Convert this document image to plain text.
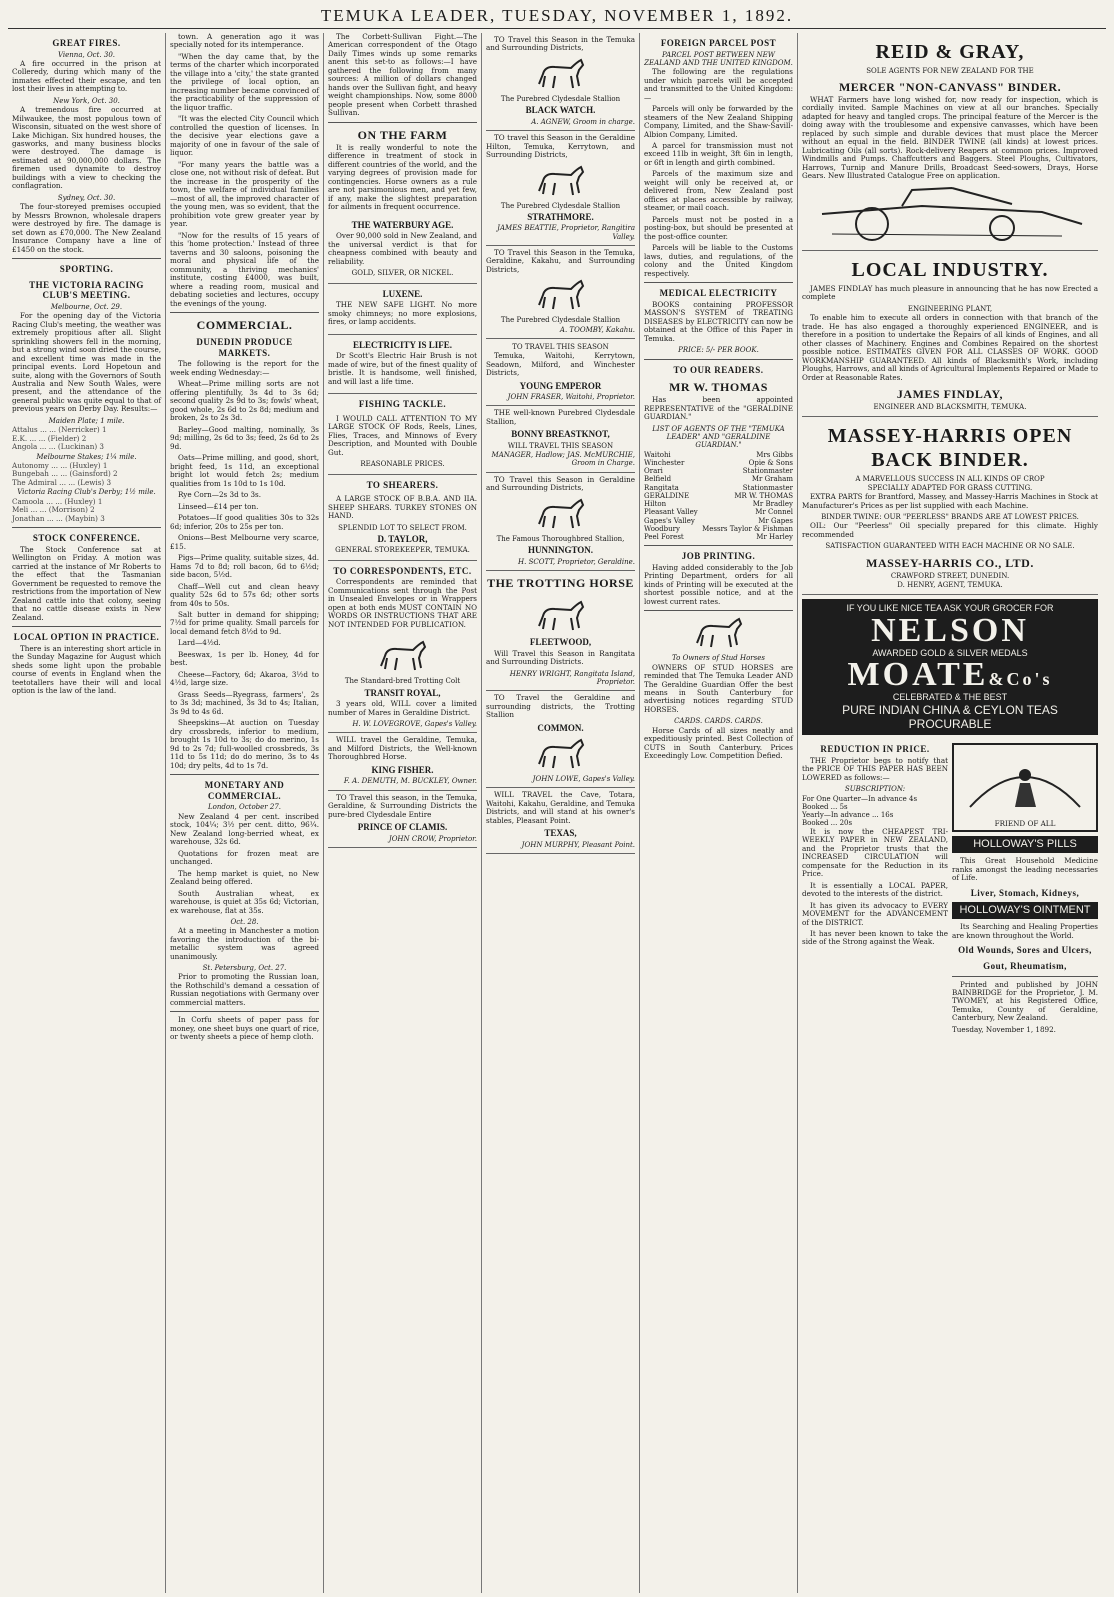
TEMUKA LEADER, TUESDAY, NOVEMBER 1, 1892.
GREAT FIRES.
Vienna, Oct. 30.

A fire occurred in the prison at Colleredy, during which many of the inmates effected their escape, and ten lost their lives in attempting to.

New York, Oct. 30.

A tremendous fire occurred at Milwaukee, the most populous town of Wisconsin, situated on the west shore of Lake Michigan. Six hundred houses, the gasworks, and many business blocks were destroyed. The damage is estimated at 90,000,000 dollars. The firemen used dynamite to destroy buildings with a view to checking the conflagration.

Sydney, Oct. 30.

The four-storeyed premises occupied by Messrs Brownon, wholesale drapers were destroyed by fire. The damage is set down as £70,000. The New Zealand Insurance Company have a line of £1450 on the stock.

SPORTING.
THE VICTORIA RACING CLUB'S MEETING.
Melbourne, Oct. 29.

For the opening day of the Victoria Racing Club's meeting, the weather was extremely propitious after all. Slight sprinkling showers fell in the morning, but a strong wind soon dried the course, and excellent time was made in the principal events. Lord Hopetoun and suite, along with the Governors of South Australia and New South Wales, were present, and the attendance of the general public was quite equal to that of previous years on Derby Day. Results:—

Maiden Plate; 1 mile.
Attalus ... ... (Nerricker) 1
E.K. ... ... (Fielder) 2
Angola ... ... (Luckinan) 3
Melbourne Stakes; 1¼ mile.
Autonomy ... ... (Huxley) 1
Bungebah ... ... (Gainsford) 2
The Admiral ... ... (Lewis) 3
Victoria Racing Club's Derby; 1½ mile.
Camoola ... ... (Huxley) 1
Meli ... ... (Morrison) 2
Jonathan ... ... (Maybin) 3
STOCK CONFERENCE.

The Stock Conference sat at Wellington on Friday. A motion was carried at the instance of Mr Roberts to the effect that the Tasmanian Government be requested to remove the restrictions from the importation of New Zealand cattle into that colony, seeing that no cattle disease exists in New Zealand.

LOCAL OPTION IN PRACTICE.

There is an interesting short article in the Sunday Magazine for August which sheds some light upon the probable course of events in England when the teetotallers have their will and local option is the law of the land.

town. A generation ago it was specially noted for its intemperance.

"When the day came that, by the terms of the charter which incorporated the village into a 'city,' the state granted the privilege of local option, an increasing number became convinced of the practicability of the suppression of the liquor traffic.

"It was the elected City Council which controlled the question of licenses. In the decisive year elections gave a majority of one in favour of the sale of liquor.

"For many years the battle was a close one, not without risk of defeat. But the increase in the prosperity of the town, the welfare of individual families—most of all, the improved character of the young men, was so evident, that the prohibition vote grew greater year by year.

"Now for the results of 15 years of this 'home protection.' Instead of three taverns and 30 saloons, poisoning the moral and physical life of the community, a thriving mechanics' institute, costing £4000, was built, where a reading room, musical and debating societies and lectures, occupy the evenings of the young.

COMMERCIAL.
DUNEDIN PRODUCE MARKETS.

The following is the report for the week ending Wednesday:—

Wheat—Prime milling sorts are not offering plentifully, 3s 4d to 3s 6d; second quality 2s 9d to 3s; fowls' wheat, good whole, 2s 6d to 2s 8d; medium and broken, 2s to 2s 3d.

Barley—Good malting, nominally, 3s 9d; milling, 2s 6d to 3s; feed, 2s 6d to 2s 9d.

Oats—Prime milling, and good, short, bright feed, 1s 11d, an exceptional bright lot would fetch 2s; medium qualities from 1s 10d to 1s 10d.

Rye Corn—2s 3d to 3s.

Linseed—£14 per ton.

Potatoes—If good qualities 30s to 32s 6d; inferior, 20s to 25s per ton.

Onions—Best Melbourne very scarce, £15.

Pigs—Prime quality, suitable sizes, 4d. Hams 7d to 8d; roll bacon, 6d to 6½d; side bacon, 5½d.

Chaff—Well cut and clean heavy quality 52s 6d to 57s 6d; other sorts from 40s to 50s.

Salt butter in demand for shipping; 7½d for prime quality. Small parcels for local demand fetch 8½d to 9d.

Lard—4½d.

Beeswax, 1s per lb. Honey, 4d for best.

Cheese—Factory, 6d; Akaroa, 3½d to 4½d, large size.

Grass Seeds—Ryegrass, farmers', 2s to 3s 3d; machined, 3s 3d to 4s; Italian, 3s 9d to 4s 6d.

Sheepskins—At auction on Tuesday dry crossbreds, inferior to medium, brought 1s 10d to 3s; do do merino, 1s 9d to 2s 7d; full-woolled crossbreds, 3s 11d to 5s 11d; do do merino, 3s to 4s 10d; dry pelts, 4d to 1s 7d.

MONETARY AND COMMERCIAL.
London, October 27.

New Zealand 4 per cent. inscribed stock, 104¼; 3½ per cent. ditto, 96¼. New Zealand long-berried wheat, ex warehouse, 32s 6d.

Quotations for frozen meat are unchanged.

The hemp market is quiet, no New Zealand being offered.

South Australian wheat, ex warehouse, is quiet at 35s 6d; Victorian, ex warehouse, flat at 35s.

Oct. 28.

At a meeting in Manchester a motion favoring the introduction of the bi-metallic system was agreed unanimously.

St. Petersburg, Oct. 27.

Prior to promoting the Russian loan, the Rothschild's demand a cessation of Russian negotiations with Germany over commercial matters.

In Corfu sheets of paper pass for money, one sheet buys one quart of rice, or twenty sheets a piece of hemp cloth.

The Corbett-Sullivan Fight.—The American correspondent of the Otago Daily Times winds up some remarks anent this set-to as follows:—I have gathered the following from many sources: A million of dollars changed hands over the Sullivan fight, and heavy weight championships. Now, some 8000 people present when Corbett thrashed Sullivan.

ON THE FARM

It is really wonderful to note the difference in treatment of stock in different countries of the world, and the varying degrees of provision made for contingencies. Horse owners as a rule are not parsimonious men, and yet few, if any, make the slightest preparation for ailments in frequent occurrence.

THE WATERBURY AGE.

Over 90,000 sold in New Zealand, and the universal verdict is that for cheapness combined with beauty and reliability.

GOLD, SILVER, OR NICKEL.
LUXENE.

THE NEW SAFE LIGHT. No more smoky chimneys; no more explosions, fires, or lamp accidents.

ELECTRICITY IS LIFE.

Dr Scott's Electric Hair Brush is not made of wire, but of the finest quality of bristle. It is handsome, well finished, and will last a life time.

FISHING TACKLE.

I WOULD CALL ATTENTION TO MY LARGE STOCK OF Rods, Reels, Lines, Flies, Traces, and Minnows of Every Description, and Mounted with Double Gut.

REASONABLE PRICES.
TO SHEARERS.

A LARGE STOCK OF B.B.A. AND IIA. SHEEP SHEARS. TURKEY STONES ON HAND.

SPLENDID LOT TO SELECT FROM.
D. TAYLOR,
GENERAL STOREKEEPER, TEMUKA.
TO CORRESPONDENTS, ETC.

Correspondents are reminded that Communications sent through the Post in Unsealed Envelopes or in Wrappers open at both ends MUST CONTAIN NO WORDS OR INSTRUCTIONS THAT ARE NOT INTENDED FOR PUBLICATION.

The Standard-bred Trotting Colt
TRANSIT ROYAL,

3 years old, WILL cover a limited number of Mares in Geraldine District.

H. W. LOVEGROVE, Gapes's Valley.

WILL travel the Geraldine, Temuka, and Milford Districts, the Well-known Thoroughbred Horse.

KING FISHER.
F. A. DEMUTH, M. BUCKLEY, Owner.

TO Travel this season, in the Temuka, Geraldine, & Surrounding Districts the pure-bred Clydesdale Entire

PRINCE OF CLAMIS.
JOHN CROW, Proprietor.

TO Travel this Season in the Temuka and Surrounding Districts,

The Purebred Clydesdale Stallion
BLACK WATCH.
A. AGNEW, Groom in charge.

TO travel this Season in the Geraldine Hilton, Temuka, Kerrytown, and Surrounding Districts,

The Purebred Clydesdale Stallion
STRATHMORE.
JAMES BEATTIE, Proprietor, Rangitira Valley.

TO Travel this Season in the Temuka, Geraldine, Kakahu, and Surrounding Districts,

The Purebred Clydesdale Stallion
A. TOOMBY, Kakahu.
TO TRAVEL THIS SEASON

Temuka, Waitohi, Kerrytown, Seadown, Milford, and Winchester Districts,

YOUNG EMPEROR
JOHN FRASER, Waitohi, Proprietor.

THE well-known Purebred Clydesdale Stallion,

BONNY BREASTKNOT,
WILL TRAVEL THIS SEASON
MANAGER, Hadlow; JAS. McMURCHIE, Groom in Charge.

TO Travel this Season in Geraldine and Surrounding Districts,

The Famous Thoroughbred Stallion,
HUNNINGTON.
H. SCOTT, Proprietor, Geraldine.
THE TROTTING HORSE
FLEETWOOD,

Will Travel this Season in Rangitata and Surrounding Districts.

HENRY WRIGHT, Rangitata Island, Proprietor.

TO Travel the Geraldine and surrounding districts, the Trotting Stallion

COMMON.
JOHN LOWE, Gapes's Valley.

WILL TRAVEL the Cave, Totara, Waitohi, Kakahu, Geraldine, and Temuka Districts, and will stand at his owner's stables, Pleasant Point.

TEXAS,
JOHN MURPHY, Pleasant Point.
FOREIGN PARCEL POST
PARCEL POST BETWEEN NEW ZEALAND AND THE UNITED KINGDOM.

The following are the regulations under which parcels will be accepted and transmitted to the United Kingdom:—

Parcels will only be forwarded by the steamers of the New Zealand Shipping Company, Limited, and the Shaw-Savill-Albion Company, Limited.

A parcel for transmission must not exceed 11lb in weight, 3ft 6in in length, or 6ft in length and girth combined.

Parcels of the maximum size and weight will only be received at, or delivered from, New Zealand post offices at places accessible by railway, steamer, or mail coach.

Parcels must not be posted in a posting-box, but should be presented at the post-office counter.

Parcels will be liable to the Customs laws, duties, and regulations, of the colony and the United Kingdom respectively.

MEDICAL ELECTRICITY

BOOKS containing PROFESSOR MASSON'S SYSTEM of TREATING DISEASES by ELECTRICITY can now be obtained at the Office of this Paper in Temuka.

PRICE: 5/- PER BOOK.
TO OUR READERS.
MR W. THOMAS

Has been appointed REPRESENTATIVE of the "GERALDINE GUARDIAN."

LIST OF AGENTS OF THE "TEMUKA LEADER" AND "GERALDINE GUARDIAN."
Waitohi	Mrs Gibbs
Winchester	Opie & Sons
Orari	Stationmaster
Belfield	Mr Graham
Rangitata	Stationmaster
GERALDINE	MR W. THOMAS
Hilton	Mr Bradley
Pleasant Valley	Mr Connel
Gapes's Valley	Mr Gapes
Woodbury	Messrs Taylor & Fishman
Peel Forest	Mr Harley
JOB PRINTING.

Having added considerably to the Job Printing Department, orders for all kinds of Printing will be executed at the shortest possible notice, and at the lowest current rates.

To Owners of Stud Horses

OWNERS OF STUD HORSES are reminded that The Temuka Leader AND The Geraldine Guardian Offer the best means in South Canterbury for advertising notices regarding STUD HORSES.

CARDS. CARDS. CARDS.

Horse Cards of all sizes neatly and expeditiously printed. Best Collection of CUTS in South Canterbury. Prices Exceedingly Low. Competition Defied.

REID & GRAY,
SOLE AGENTS FOR NEW ZEALAND FOR THE
MERCER "NON-CANVASS" BINDER.

WHAT Farmers have long wished for, now ready for inspection, which is cordially invited. Sample Machines on view at all our branches. Specially adapted for heavy and tangled crops. The principal feature of the Mercer is the doing away with the troublesome and expensive canvasses, which have been replaced by such simple and durable devices that must place the Mercer without an equal in the field. BINDER TWINE (all kinds) at lowest prices. Lubricating Oils (all sorts). Rock-delivery Reapers at common prices. Improved Windmills and Pumps. Chaffcutters and Baggers. Steel Ploughs, Cultivators, Harrows, Turnip and Manure Drills, Broadcast Seed-sowers, Drays, Horse Gears. New Illustrated Catalogue Free on application.

LOCAL INDUSTRY.

JAMES FINDLAY has much pleasure in announcing that he has now Erected a complete

ENGINEERING PLANT,

To enable him to execute all orders in connection with that branch of the trade. He has also engaged a thoroughly experienced ENGINEER, and is therefore in a position to undertake the Repairs of all kinds of Engines, and all other classes of Machinery. Engines and Combines Repaired on the shortest possible notice. ESTIMATES GIVEN FOR ALL CLASSES OF WORK. GOOD WORKMANSHIP GUARANTEED. All kinds of Blacksmith's Work, including Ploughs, Harrows, and all kinds of Agricultural Implements Repaired or Made to Order at Reasonable Rates.

JAMES FINDLAY,
ENGINEER AND BLACKSMITH, TEMUKA.
MASSEY-HARRIS OPEN BACK BINDER.
A MARVELLOUS SUCCESS IN ALL KINDS OF CROP
SPECIALLY ADAPTED FOR GRASS CUTTING.

EXTRA PARTS for Brantford, Massey, and Massey-Harris Machines in Stock at Manufacturer's Prices as per list supplied with each Machine.

BINDER TWINE: OUR "PEERLESS" BRANDS ARE AT LOWEST PRICES.

OIL: Our "Peerless" Oil specially prepared for this climate. Highly recommended

SATISFACTION GUARANTEED WITH EACH MACHINE OR NO SALE.
MASSEY-HARRIS CO., LTD.
CRAWFORD STREET, DUNEDIN.
D. HENRY, AGENT, TEMUKA.
IF YOU LIKE NICE TEA ASK YOUR GROCER FOR
NELSON
AWARDED GOLD & SILVER MEDALS
MOATE&Co's
CELEBRATED & THE BEST
PURE INDIAN CHINA & CEYLON TEAS PROCURABLE
REDUCTION IN PRICE.

THE Proprietor begs to notify that the PRICE OF THIS PAPER HAS BEEN LOWERED as follows:—

SUBSCRIPTION:
For One Quarter—In advance 4s
Booked ... 5s
Yearly—In advance ... 16s
Booked ... 20s

It is now the CHEAPEST TRI-WEEKLY PAPER in NEW ZEALAND, and the Proprietor trusts that the INCREASED CIRCULATION will compensate for the Reduction in its Price.

It is essentially a LOCAL PAPER, devoted to the interests of the district.

It has given its advocacy to EVERY MOVEMENT for the ADVANCEMENT of the DISTRICT.

It has never been known to take the side of the Strong against the Weak.

FRIEND OF ALL
HOLLOWAY'S PILLS

This Great Household Medicine ranks amongst the leading necessaries of Life.

Liver, Stomach, Kidneys,
HOLLOWAY'S OINTMENT

Its Searching and Healing Properties are known throughout the World.

Old Wounds, Sores and Ulcers,
Gout, Rheumatism,

Printed and published by JOHN BAINBRIDGE for the Proprietor, J. M. TWOMEY, at his Registered Office, Temuka, County of Geraldine, Canterbury, New Zealand.

Tuesday, November 1, 1892.
